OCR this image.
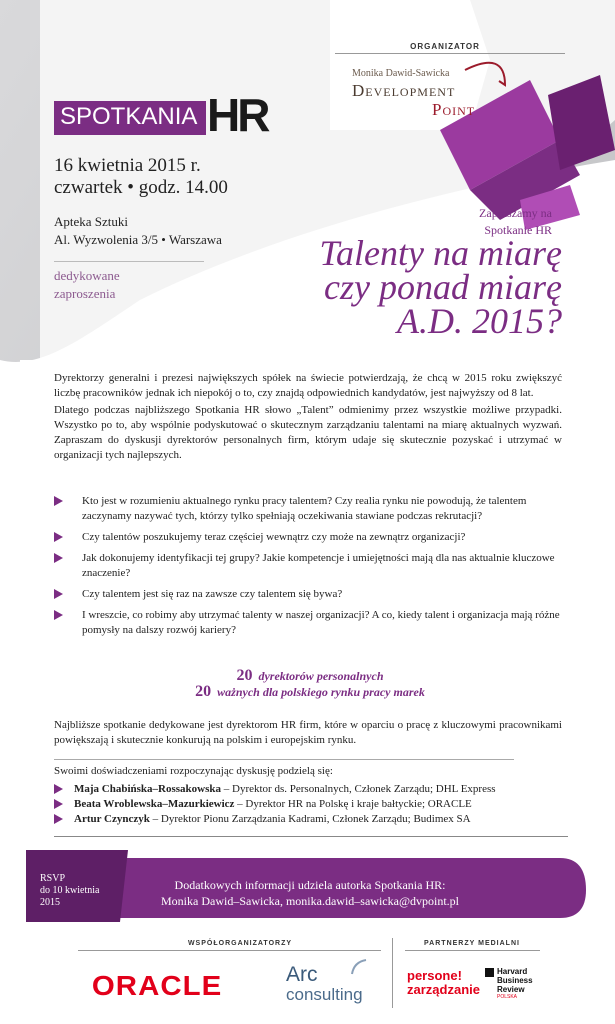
ORGANIZATOR
Monika Dawid-Sawicka
Development
Point
SPOTKANIA HR
16 kwietnia 2015 r.
czwartek • godz. 14.00
Apteka Sztuki
Al. Wyzwolenia 3/5 • Warszawa
dedykowane
zaproszenia
Zapraszamy na
Spotkanie HR
Talenty na miarę
czy ponad miarę
A.D. 2015?

Dyrektorzy generalni i prezesi największych spółek na świecie potwierdzają, że chcą w 2015 roku zwiększyć liczbę pracowników jednak ich niepokój o to, czy znajdą odpowiednich kandydatów, jest najwyższy od 8 lat.

Dlatego podczas najbliższego Spotkania HR słowo „Talent” odmienimy przez wszystkie możliwe przypadki. Wszystko po to, aby wspólnie podyskutować o skutecznym zarządzaniu talentami na miarę aktualnych wyzwań. Zapraszam do dyskusji dyrektorów personalnych firm, którym udaje się skutecznie pozyskać i utrzymać w organizacji tych najlepszych.

Kto jest w rozumieniu aktualnego rynku pracy talentem? Czy realia rynku nie powodują, że talentem zaczynamy nazywać tych, którzy tylko spełniają oczekiwania stawiane podczas rekrutacji?
Czy talentów poszukujemy teraz częściej wewnątrz czy może na zewnątrz organizacji?
Jak dokonujemy identyfikacji tej grupy? Jakie kompetencje i umiejętności mają dla nas aktualnie kluczowe znaczenie?
Czy talentem jest się raz na zawsze czy talentem się bywa?
I wreszcie, co robimy aby utrzymać talenty w naszej organizacji? A co, kiedy talent i organizacja mają różne pomysły na dalszy rozwój kariery?
20 dyrektorów personalnych
20 ważnych dla polskiego rynku pracy marek
Najbliższe spotkanie dedykowane jest dyrektorom HR firm, które w oparciu o pracę z kluczowymi pracownikami powiększają i skutecznie konkurują na polskim i europejskim rynku.
Swoimi doświadczeniami rozpoczynając dyskusję podzielą się:
Maja Chabińska–Rossakowska – Dyrektor ds. Personalnych, Członek Zarządu; DHL Express
Beata Wroblewska–Mazurkiewicz – Dyrektor HR na Polskę i kraje bałtyckie; ORACLE
Artur Czynczyk – Dyrektor Pionu Zarządzania Kadrami, Członek Zarządu; Budimex SA
RSVP
do 10 kwietnia
2015
Dodatkowych informacji udziela autorka Spotkania HR:
Monika Dawid–Sawicka, monika.dawid–sawicka@dvpoint.pl
WSPÓŁORGANIZATORZY	PARTNERZY MEDIALNI
ORACLE	Arc
consulting
persone!
zarządzanie
Harvard
Business
Review
POLSKA
